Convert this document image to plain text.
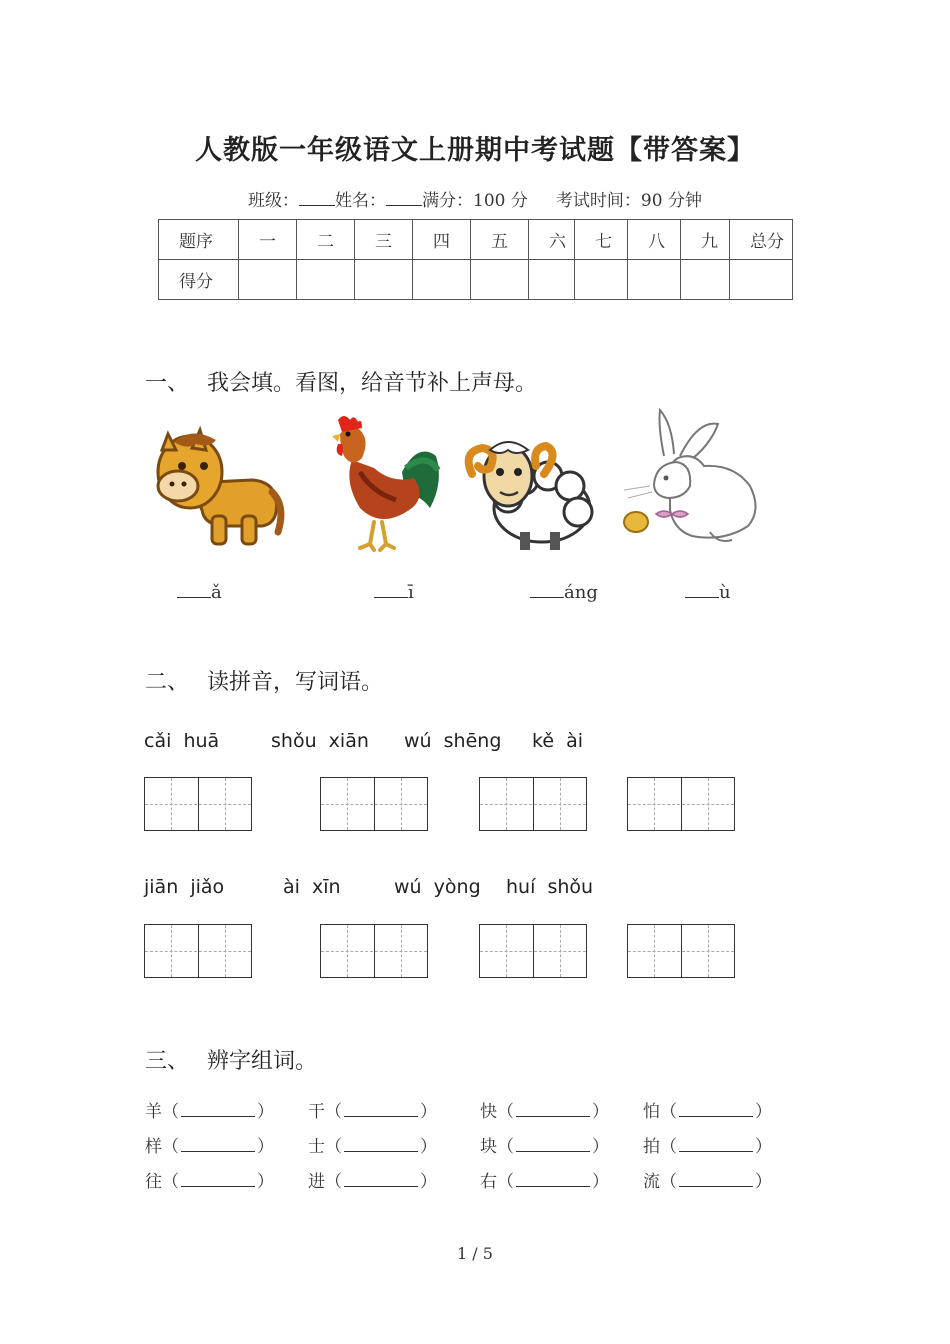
人教版一年级语文上册期中考试题【带答案】
班级： 姓名： 满分：100 分 考试时间：90 分钟
题序	一	二	三	四	五	六	七	八	九	总分
得分										
一、 我会填。看图，给音节补上声母。
ǎ	ī	áng	ù
二、 读拼音，写词语。
cǎi  huā	shǒu  xiān wú  shēng kě  ài
jiān  jiǎo	ài  xīn	wú  yòng huí  shǒu
三、 辨字组词。
羊（	） 干（	）	快（	） 怕（	）
样（	） 士（	）	块（	） 拍（	）
往（	） 进（	）	右（	） 流（	）
1 / 5
